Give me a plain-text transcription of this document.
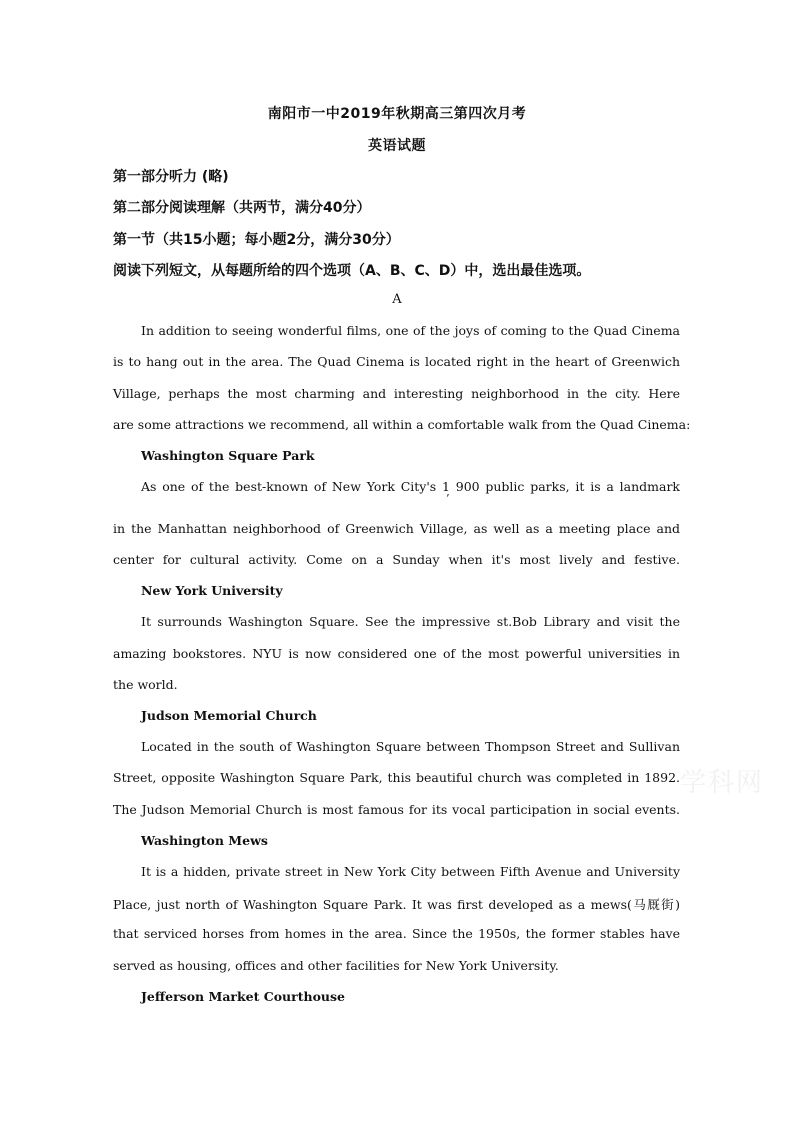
南阳市一中2019年秋期高三第四次月考
英语试题
第一部分听力 (略)
第二部分阅读理解（共两节，满分40分）
第一节（共15小题；每小题2分，满分30分）
阅读下列短文，从每题所给的四个选项（A、B、C、D）中，选出最佳选项。
A
In addition to seeing wonderful films, one of the joys of coming to the Quad Cinema
is to hang out in the area. The Quad Cinema is located right in the heart of Greenwich
Village, perhaps the most charming and interesting neighborhood in the city. Here
are some attractions we recommend, all within a comfortable walk from the Quad Cinema:
Washington Square Park
As one of the best-known of New York City's 1 900 public parks, it is a landmark
’
in the Manhattan neighborhood of Greenwich Village, as well as a meeting place and
center for cultural activity. Come on a Sunday when it's most lively and festive.
New York University
It surrounds Washington Square. See the impressive st.Bob Library and visit the
amazing bookstores. NYU is now considered one of the most powerful universities in
the world.
Judson Memorial Church
Located in the south of Washington Square between Thompson Street and Sullivan
Street, opposite Washington Square Park, this beautiful church was completed in 1892.
The Judson Memorial Church is most famous for its vocal participation in social events.
Washington Mews
It is a hidden, private street in New York City between Fifth Avenue and University
Place, just north of Washington Square Park. It was first developed as a mews(马厩街)
that serviced horses from homes in the area. Since the 1950s, the former stables have
served as housing, offices and other facilities for New York University.
Jefferson Market Courthouse
学科网
